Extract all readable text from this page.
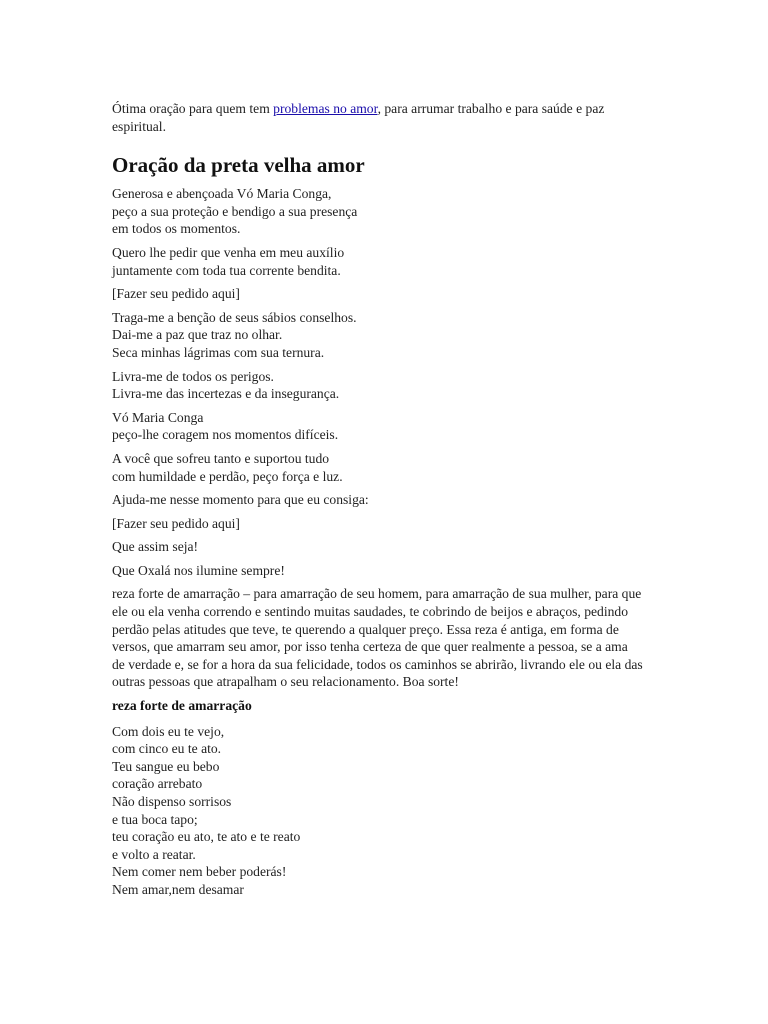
Ótima oração para quem tem problemas no amor, para arrumar trabalho e para saúde e paz espiritual.

Oração da preta velha amor
Generosa e abençoada Vó Maria Conga,
peço a sua proteção e bendigo a sua presença
em todos os momentos.
Quero lhe pedir que venha em meu auxílio
juntamente com toda tua corrente bendita.
[Fazer seu pedido aqui]
Traga-me a benção de seus sábios conselhos.
Dai-me a paz que traz no olhar.
Seca minhas lágrimas com sua ternura.
Livra-me de todos os perigos.
Livra-me das incertezas e da insegurança.
Vó Maria Conga
peço-lhe coragem nos momentos difíceis.
A você que sofreu tanto e suportou tudo
com humildade e perdão, peço força e luz.
Ajuda-me nesse momento para que eu consiga:
[Fazer seu pedido aqui]
Que assim seja!
Que Oxalá nos ilumine sempre!

reza forte de amarração – para amarração de seu homem, para amarração de sua mulher, para que ele ou ela venha correndo e sentindo muitas saudades, te cobrindo de beijos e abraços, pedindo perdão pelas atitudes que teve, te querendo a qualquer preço. Essa reza é antiga, em forma de versos, que amarram seu amor, por isso tenha certeza de que quer realmente a pessoa, se a ama de verdade e, se for a hora da sua felicidade, todos os caminhos se abrirão, livrando ele ou ela das outras pessoas que atrapalham o seu relacionamento. Boa sorte!

reza forte de amarração
Com dois eu te vejo,
com cinco eu te ato.
Teu sangue eu bebo
coração arrebato
Não dispenso sorrisos
e tua boca tapo;
teu coração eu ato, te ato e te reato
e volto a reatar.
Nem comer nem beber poderás!
Nem amar,nem desamar
